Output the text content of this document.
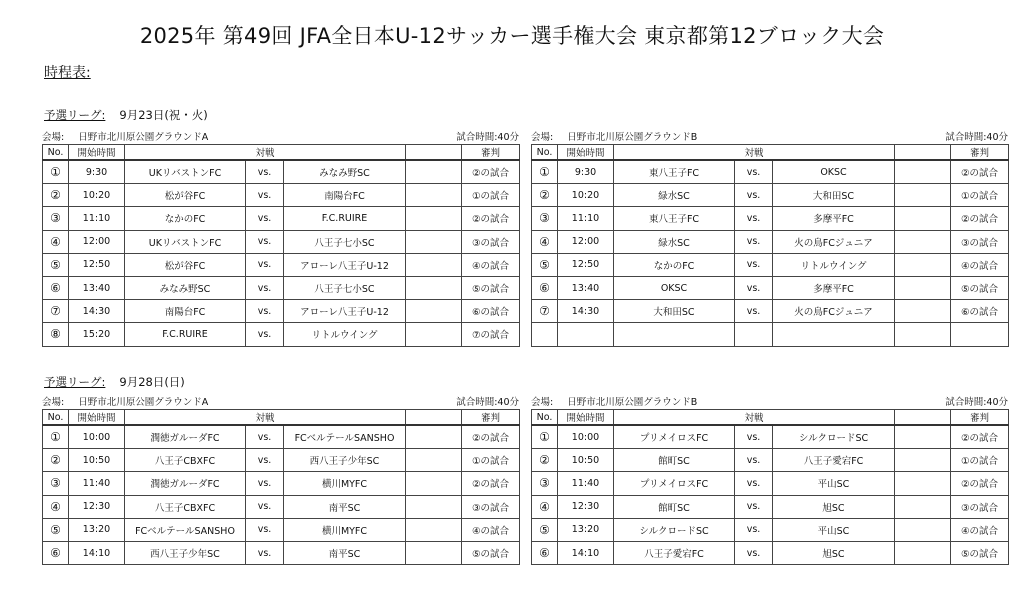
2025年 第49回 JFA全日本U-12サッカー選手権大会 東京都第12ブロック大会
時程表:
予選リーグ: 9月23日(祝・火)
会場: 日野市北川原公園グラウンドA	試合時間:40分
No.	開始時間	対戦				審判
①	9:30	UKリバストンFC	vs.	みなみ野SC		②の試合
②	10:20	松が谷FC	vs.	南陽台FC		①の試合
③	11:10	なかのFC	vs.	F.C.RUIRE		②の試合
④	12:00	UKリバストンFC	vs.	八王子七小SC		③の試合
⑤	12:50	松が谷FC	vs.	アローレ八王子U-12		④の試合
⑥	13:40	みなみ野SC	vs.	八王子七小SC		⑤の試合
⑦	14:30	南陽台FC	vs.	アローレ八王子U-12		⑥の試合
⑧	15:20	F.C.RUIRE	vs.	リトルウイング		⑦の試合
会場: 日野市北川原公園グラウンドB	試合時間:40分
No.	開始時間	対戦				審判
①	9:30	東八王子FC	vs.	OKSC		②の試合
②	10:20	緑水SC	vs.	大和田SC		①の試合
③	11:10	東八王子FC	vs.	多摩平FC		②の試合
④	12:00	緑水SC	vs.	火の鳥FCジュニア		③の試合
⑤	12:50	なかのFC	vs.	リトルウイング		④の試合
⑥	13:40	OKSC	vs.	多摩平FC		⑤の試合
⑦	14:30	大和田SC	vs.	火の鳥FCジュニア		⑥の試合

予選リーグ: 9月28日(日)
会場: 日野市北川原公園グラウンドA	試合時間:40分
No.	開始時間	対戦				審判
①	10:00	潤徳ガルーダFC	vs.	FCベルテールSANSHO		②の試合
②	10:50	八王子CBXFC	vs.	西八王子少年SC		①の試合
③	11:40	潤徳ガルーダFC	vs.	横川MYFC		②の試合
④	12:30	八王子CBXFC	vs.	南平SC		③の試合
⑤	13:20	FCベルテールSANSHO	vs.	横川MYFC		④の試合
⑥	14:10	西八王子少年SC	vs.	南平SC		⑤の試合
会場: 日野市北川原公園グラウンドB	試合時間:40分
No.	開始時間	対戦				審判
①	10:00	プリメイロスFC	vs.	シルクロードSC		②の試合
②	10:50	館町SC	vs.	八王子愛宕FC		①の試合
③	11:40	プリメイロスFC	vs.	平山SC		②の試合
④	12:30	館町SC	vs.	旭SC		③の試合
⑤	13:20	シルクロードSC	vs.	平山SC		④の試合
⑥	14:10	八王子愛宕FC	vs.	旭SC		⑤の試合
